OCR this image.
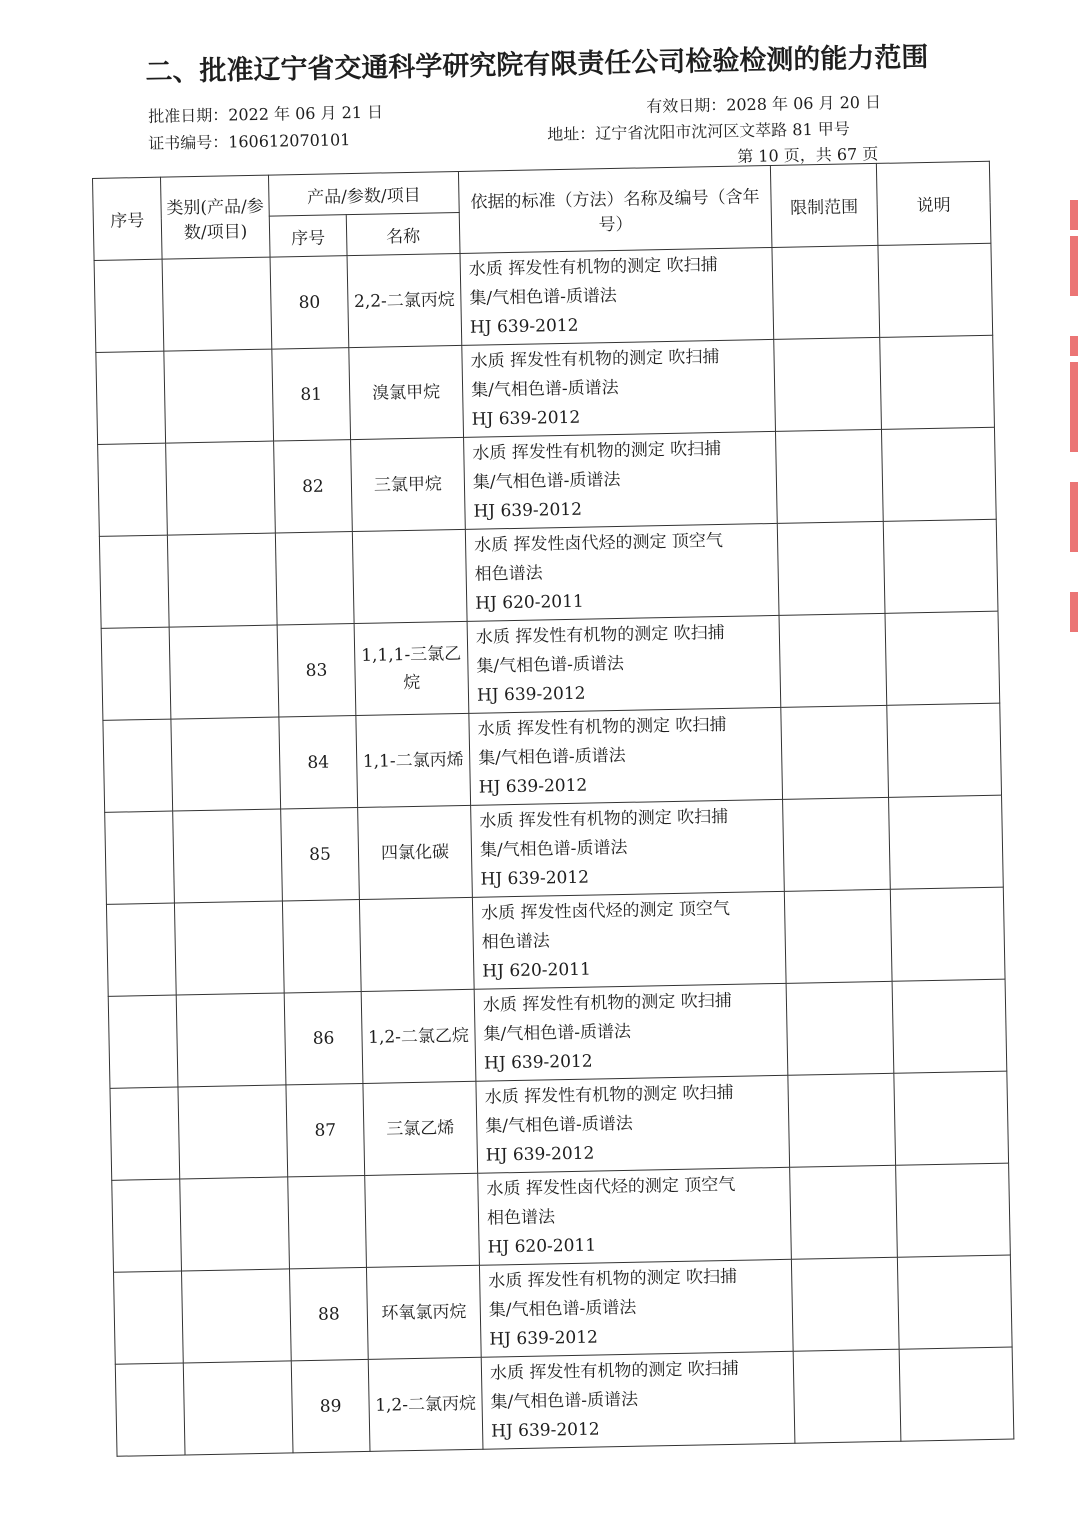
二、批准辽宁省交通科学研究院有限责任公司检验检测的能力范围
批准日期：2022 年 06 月 21 日	有效日期：2028 年 06 月 20 日
证书编号：160612070101	地址：辽宁省沈阳市沈河区文萃路 81 甲号
第 10 页，共 67 页
序号	类别(产品/参数/项目)	产品/参数/项目		依据的标准（方法）名称及编号（含年号）	限制范围	说明
		序号	名称			
		80	2,2-二氯丙烷	水质 挥发性有机物的测定 吹扫捕
集/气相色谱-质谱法
HJ 639-2012		

		81	溴氯甲烷	水质 挥发性有机物的测定 吹扫捕
集/气相色谱-质谱法
HJ 639-2012		

		82	三氯甲烷	水质 挥发性有机物的测定 吹扫捕
集/气相色谱-质谱法
HJ 639-2012		

				水质 挥发性卤代烃的测定 顶空气
相色谱法
HJ 620-2011		

		83	1,1,1-三氯乙烷	水质 挥发性有机物的测定 吹扫捕
集/气相色谱-质谱法
HJ 639-2012		

		84	1,1-二氯丙烯	水质 挥发性有机物的测定 吹扫捕
集/气相色谱-质谱法
HJ 639-2012		

		85	四氯化碳	水质 挥发性有机物的测定 吹扫捕
集/气相色谱-质谱法
HJ 639-2012		

				水质 挥发性卤代烃的测定 顶空气
相色谱法
HJ 620-2011		

		86	1,2-二氯乙烷	水质 挥发性有机物的测定 吹扫捕
集/气相色谱-质谱法
HJ 639-2012		

		87	三氯乙烯	水质 挥发性有机物的测定 吹扫捕
集/气相色谱-质谱法
HJ 639-2012		

				水质 挥发性卤代烃的测定 顶空气
相色谱法
HJ 620-2011		

		88	环氧氯丙烷	水质 挥发性有机物的测定 吹扫捕
集/气相色谱-质谱法
HJ 639-2012		

		89	1,2-二氯丙烷	水质 挥发性有机物的测定 吹扫捕
集/气相色谱-质谱法
HJ 639-2012		
